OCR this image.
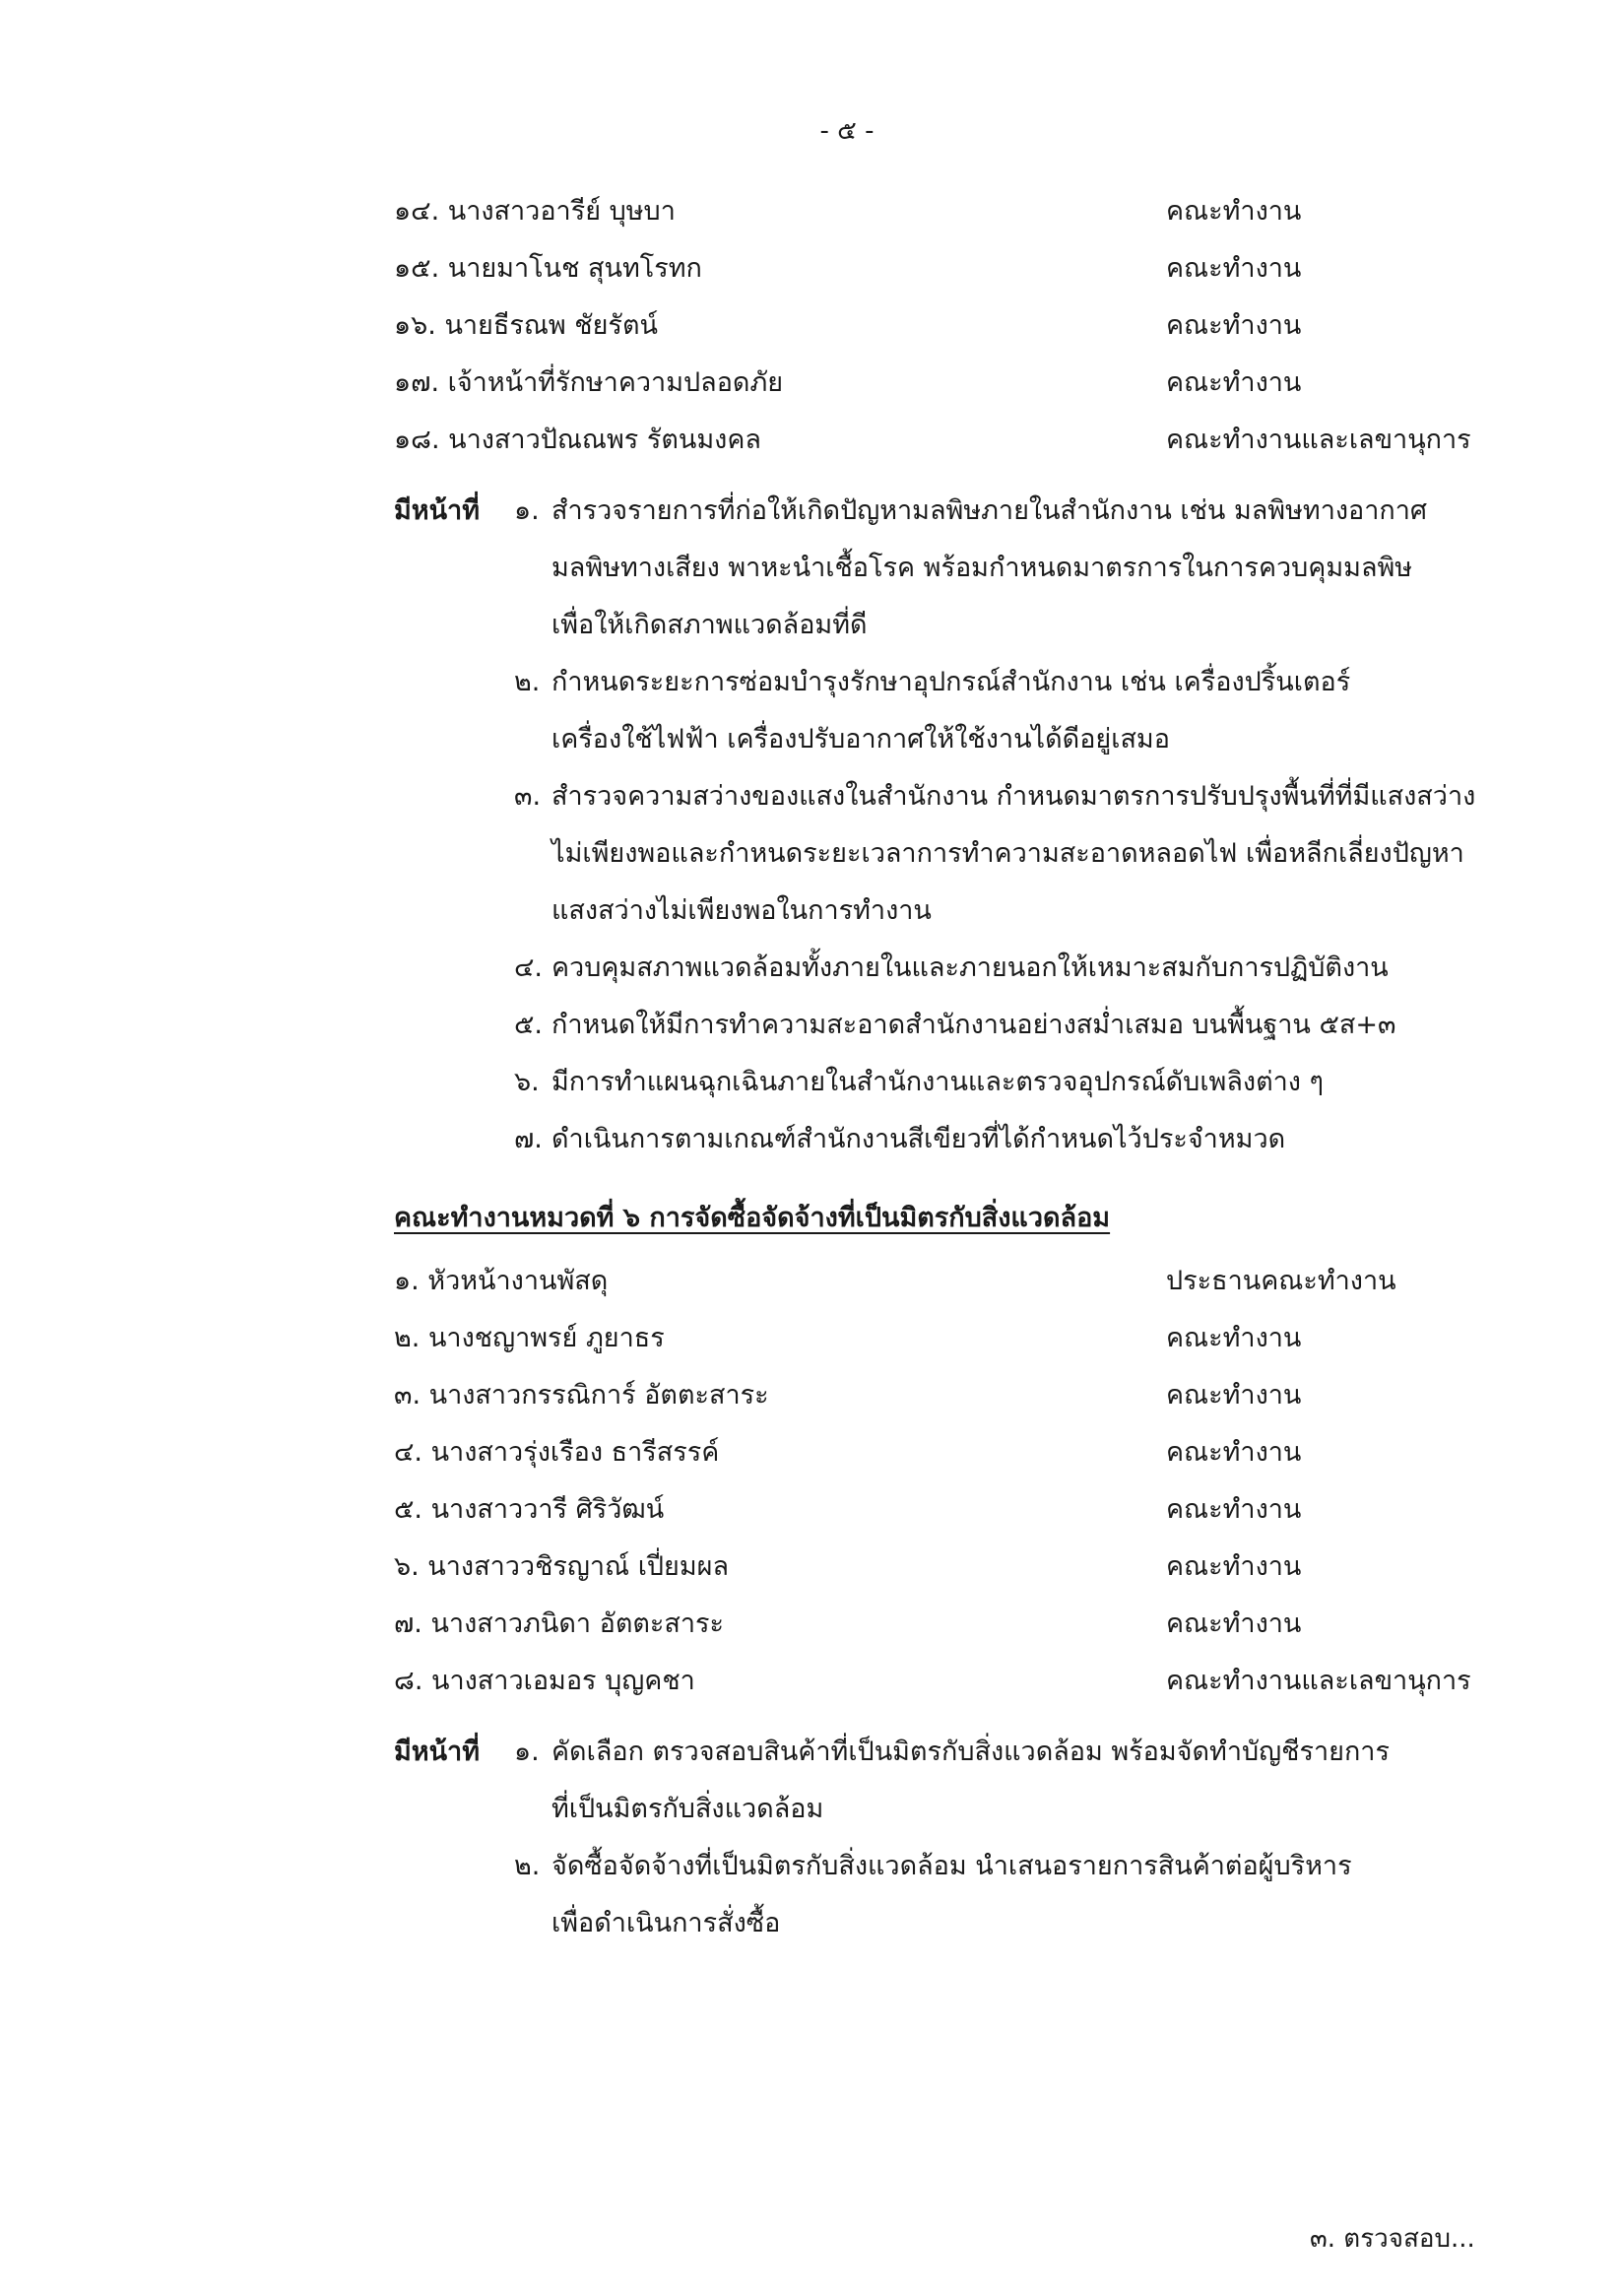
- ๕ -
๑๔. นางสาวอารีย์ บุษบา	คณะทำงาน
๑๕. นายมาโนช สุนทโรทก	คณะทำงาน
๑๖. นายธีรณพ ชัยรัตน์	คณะทำงาน
๑๗. เจ้าหน้าที่รักษาความปลอดภัย	คณะทำงาน
๑๘. นางสาวปัณณพร รัตนมงคล	คณะทำงานและเลขานุการ
มีหน้าที่ ๑. สำรวจรายการที่ก่อให้เกิดปัญหามลพิษภายในสำนักงาน เช่น มลพิษทางอากาศ
มลพิษทางเสียง พาหะนำเชื้อโรค พร้อมกำหนดมาตรการในการควบคุมมลพิษ
เพื่อให้เกิดสภาพแวดล้อมที่ดี
๒. กำหนดระยะการซ่อมบำรุงรักษาอุปกรณ์สำนักงาน เช่น เครื่องปริ้นเตอร์
เครื่องใช้ไฟฟ้า เครื่องปรับอากาศให้ใช้งานได้ดีอยู่เสมอ
๓. สำรวจความสว่างของแสงในสำนักงาน กำหนดมาตรการปรับปรุงพื้นที่ที่มีแสงสว่าง
ไม่เพียงพอและกำหนดระยะเวลาการทำความสะอาดหลอดไฟ เพื่อหลีกเลี่ยงปัญหา
แสงสว่างไม่เพียงพอในการทำงาน
๔. ควบคุมสภาพแวดล้อมทั้งภายในและภายนอกให้เหมาะสมกับการปฏิบัติงาน
๕. กำหนดให้มีการทำความสะอาดสำนักงานอย่างสม่ำเสมอ บนพื้นฐาน ๕ส+๓
๖. มีการทำแผนฉุกเฉินภายในสำนักงานและตรวจอุปกรณ์ดับเพลิงต่าง ๆ
๗. ดำเนินการตามเกณฑ์สำนักงานสีเขียวที่ได้กำหนดไว้ประจำหมวด
คณะทำงานหมวดที่ ๖ การจัดซื้อจัดจ้างที่เป็นมิตรกับสิ่งแวดล้อม
๑. หัวหน้างานพัสดุ	ประธานคณะทำงาน
๒. นางชญาพรย์ ภูยาธร	คณะทำงาน
๓. นางสาวกรรณิการ์ อัตตะสาระ	คณะทำงาน
๔. นางสาวรุ่งเรือง ธารีสรรค์	คณะทำงาน
๕. นางสาววารี ศิริวัฒน์	คณะทำงาน
๖. นางสาววชิรญาณ์ เปี่ยมผล	คณะทำงาน
๗. นางสาวภนิดา อัตตะสาระ	คณะทำงาน
๘. นางสาวเอมอร บุญคชา	คณะทำงานและเลขานุการ
มีหน้าที่ ๑. คัดเลือก ตรวจสอบสินค้าที่เป็นมิตรกับสิ่งแวดล้อม พร้อมจัดทำบัญชีรายการ
ที่เป็นมิตรกับสิ่งแวดล้อม
๒. จัดซื้อจัดจ้างที่เป็นมิตรกับสิ่งแวดล้อม นำเสนอรายการสินค้าต่อผู้บริหาร
เพื่อดำเนินการสั่งซื้อ
๓. ตรวจสอบ...
